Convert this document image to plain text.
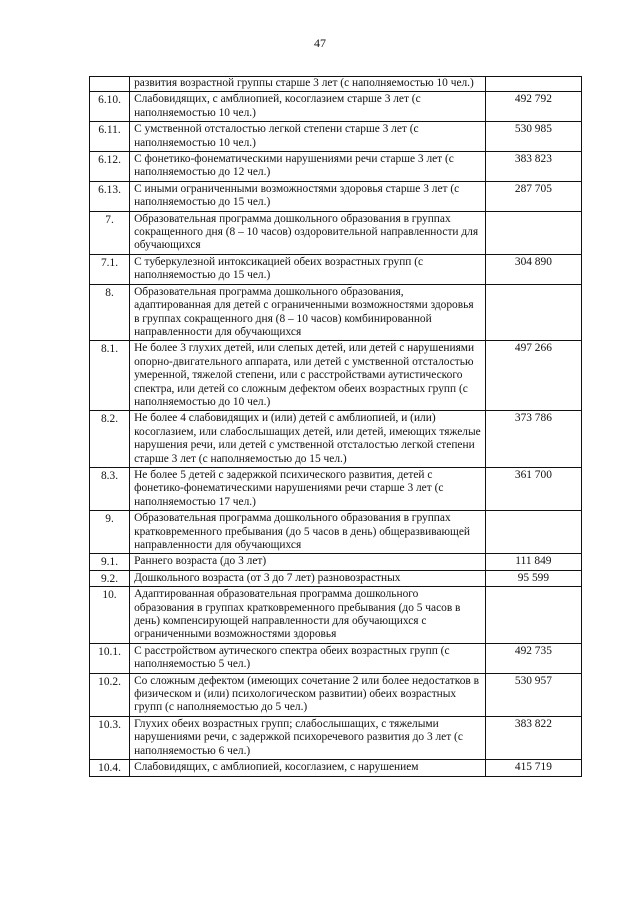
47
	развития возрастной группы старше 3 лет (с наполняемостью 10 чел.)	
6.10.	Слабовидящих, с амблиопией, косоглазием старше 3 лет (с наполняемостью 10 чел.)	492 792
6.11.	С умственной отсталостью легкой степени старше 3 лет (с наполняемостью 10 чел.)	530 985
6.12.	С фонетико-фонематическими нарушениями речи старше 3 лет (с наполняемостью до 12 чел.)	383 823
6.13.	С иными ограниченными возможностями здоровья старше 3 лет (с наполняемостью до 15 чел.)	287 705
7.	Образовательная программа дошкольного образования в группах сокращенного дня (8 – 10 часов) оздоровительной направленности для обучающихся	
7.1.	С туберкулезной интоксикацией обеих возрастных групп (с наполняемостью до 15 чел.)	304 890
8.	Образовательная программа дошкольного образования, адаптированная для детей с ограниченными возможностями здоровья в группах сокращенного дня (8 – 10 часов) комбинированной направленности для обучающихся	
8.1.	Не более 3 глухих детей, или слепых детей, или детей с нарушениями опорно-двигательного аппарата, или детей с умственной отсталостью умеренной, тяжелой степени, или с расстройствами аутистического спектра, или детей со сложным дефектом обеих возрастных групп (с наполняемостью до 10 чел.)	497 266
8.2.	Не более 4 слабовидящих и (или) детей с амблиопией, и (или) косоглазием, или слабослышащих детей, или детей, имеющих тяжелые нарушения речи, или детей с умственной отсталостью легкой степени старше 3 лет (с наполняемостью до 15 чел.)	373 786
8.3.	Не более 5 детей с задержкой психического развития, детей с фонетико-фонематическими нарушениями речи старше 3 лет (с наполняемостью 17 чел.)	361 700
9.	Образовательная программа дошкольного образования в группах кратковременного пребывания (до 5 часов в день) общеразвивающей направленности для обучающихся	
9.1.	Раннего возраста (до 3 лет)	111 849
9.2.	Дошкольного возраста (от 3 до 7 лет) разновозрастных	95 599
10.	Адаптированная образовательная программа дошкольного образования в группах кратковременного пребывания (до 5 часов в день) компенсирующей направленности для обучающихся с ограниченными возможностями здоровья	
10.1.	С расстройством аутического спектра обеих возрастных групп (с наполняемостью 5 чел.)	492 735
10.2.	Со сложным дефектом (имеющих сочетание 2 или более недостатков в физическом и (или) психологическом развитии) обеих возрастных групп (с наполняемостью до 5 чел.)	530 957
10.3.	Глухих обеих возрастных групп; слабослышащих, с тяжелыми нарушениями речи, с задержкой психоречевого развития до 3 лет (с наполняемостью 6 чел.)	383 822
10.4.	Слабовидящих, с амблиопией, косоглазием, с нарушением	415 719
